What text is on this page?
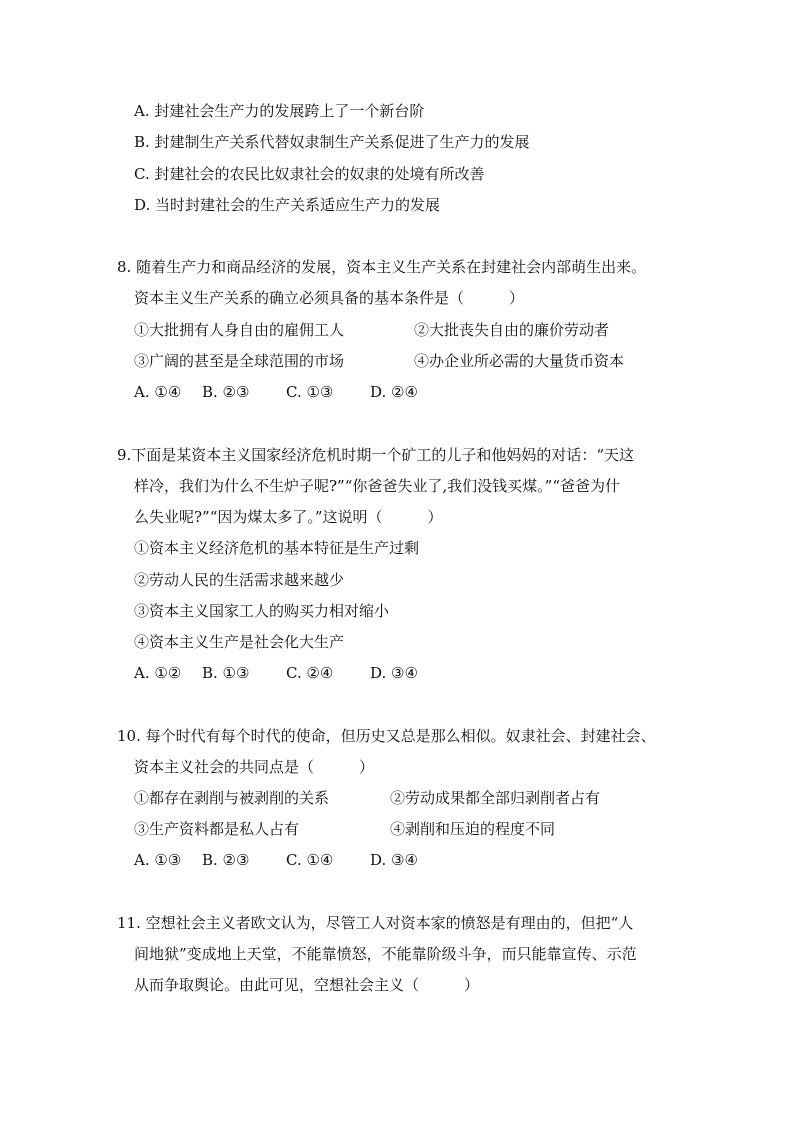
A. 封建社会生产力的发展跨上了一个新台阶
B. 封建制生产关系代替奴隶制生产关系促进了生产力的发展
C. 封建社会的农民比奴隶社会的奴隶的处境有所改善
D. 当时封建社会的生产关系适应生产力的发展
8. 随着生产力和商品经济的发展，资本主义生产关系在封建社会内部萌生出来。
资本主义生产关系的确立必须具备的基本条件是（　　　）
①大批拥有人身自由的雇佣工人	②大批丧失自由的廉价劳动者
③广阔的甚至是全球范围的市场	④办企业所必需的大量货币资本
A. ①④ B. ②③ C. ①③ D. ②④
9.下面是某资本主义国家经济危机时期一个矿工的儿子和他妈妈的对话：“天这
样冷，我们为什么不生炉子呢?”“你爸爸失业了,我们没钱买煤。”“爸爸为什
么失业呢?”“因为煤太多了。”这说明（　　　）
①资本主义经济危机的基本特征是生产过剩
②劳动人民的生活需求越来越少
③资本主义国家工人的购买力相对缩小
④资本主义生产是社会化大生产
A. ①② B. ①③ C. ②④ D. ③④
10. 每个时代有每个时代的使命，但历史又总是那么相似。奴隶社会、封建社会、
资本主义社会的共同点是（　　　）
①都存在剥削与被剥削的关系	②劳动成果都全部归剥削者占有
③生产资料都是私人占有	④剥削和压迫的程度不同
A. ①③ B. ②③ C. ①④ D. ③④
11. 空想社会主义者欧文认为，尽管工人对资本家的愤怒是有理由的，但把“人
间地狱”变成地上天堂，不能靠愤怒，不能靠阶级斗争，而只能靠宣传、示范
从而争取舆论。由此可见，空想社会主义（　　　）
